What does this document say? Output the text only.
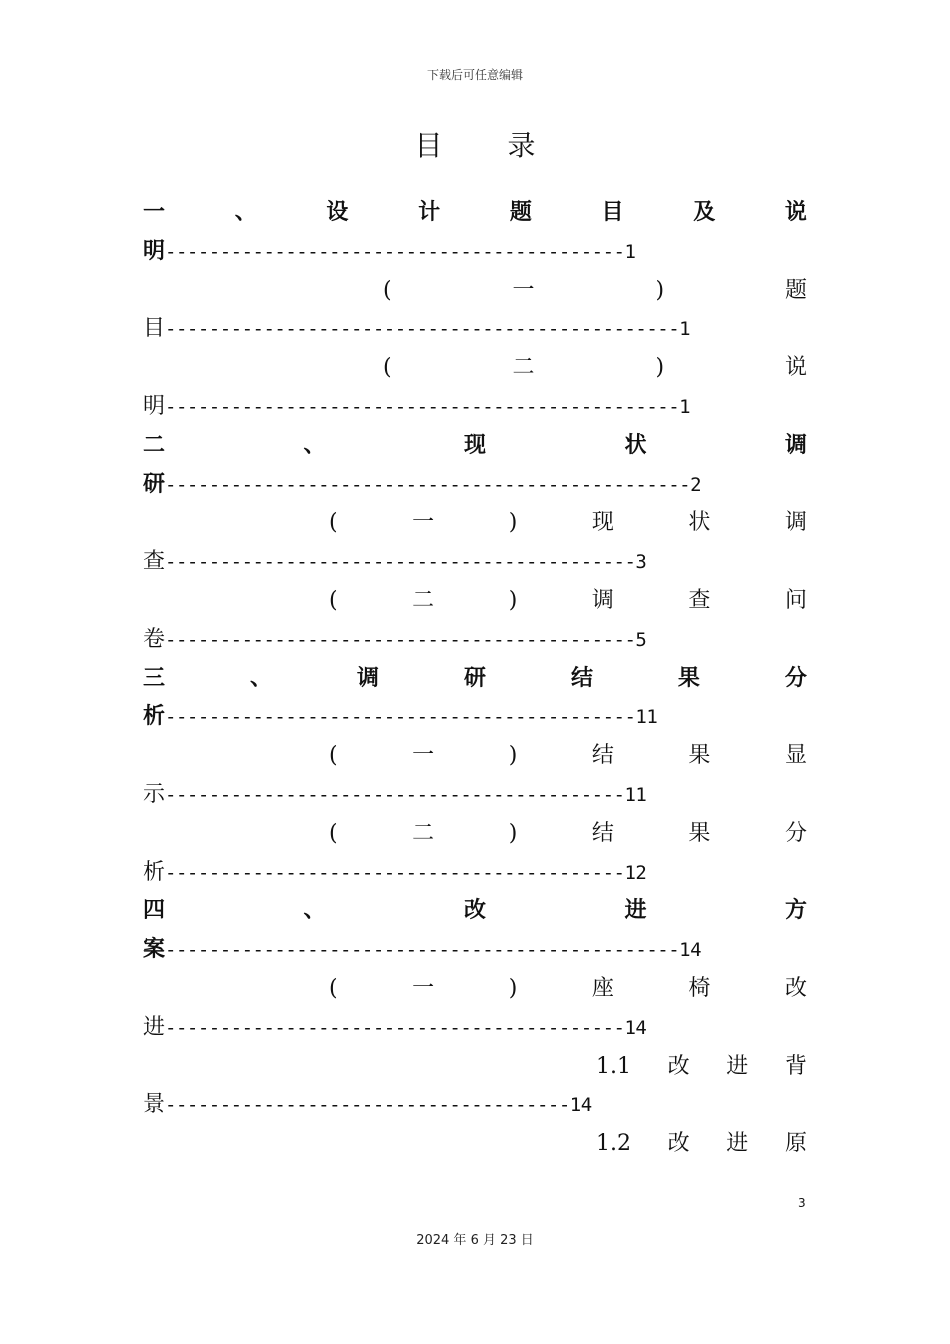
下载后可任意编辑
目 录
一	、	设	计	题	目	及	说
明------------------------------------------1
(	一	)	题
目-----------------------------------------------1
(	二	)	说
明-----------------------------------------------1
二	、	现	状	调
研------------------------------------------------2
(	一	)	现	状	调
查-------------------------------------------3
(	二	)	调	查	问
卷-------------------------------------------5
三	、	调	研	结	果	分
析-------------------------------------------11
(	一	)	结	果	显
示------------------------------------------11
(	二	)	结	果	分
析------------------------------------------12
四	、	改	进	方
案-----------------------------------------------14
(	一	)	座	椅	改
进------------------------------------------14
1.1 改 进 背
景-------------------------------------14
1.2 改 进 原
3
2024 年 6 月 23 日
